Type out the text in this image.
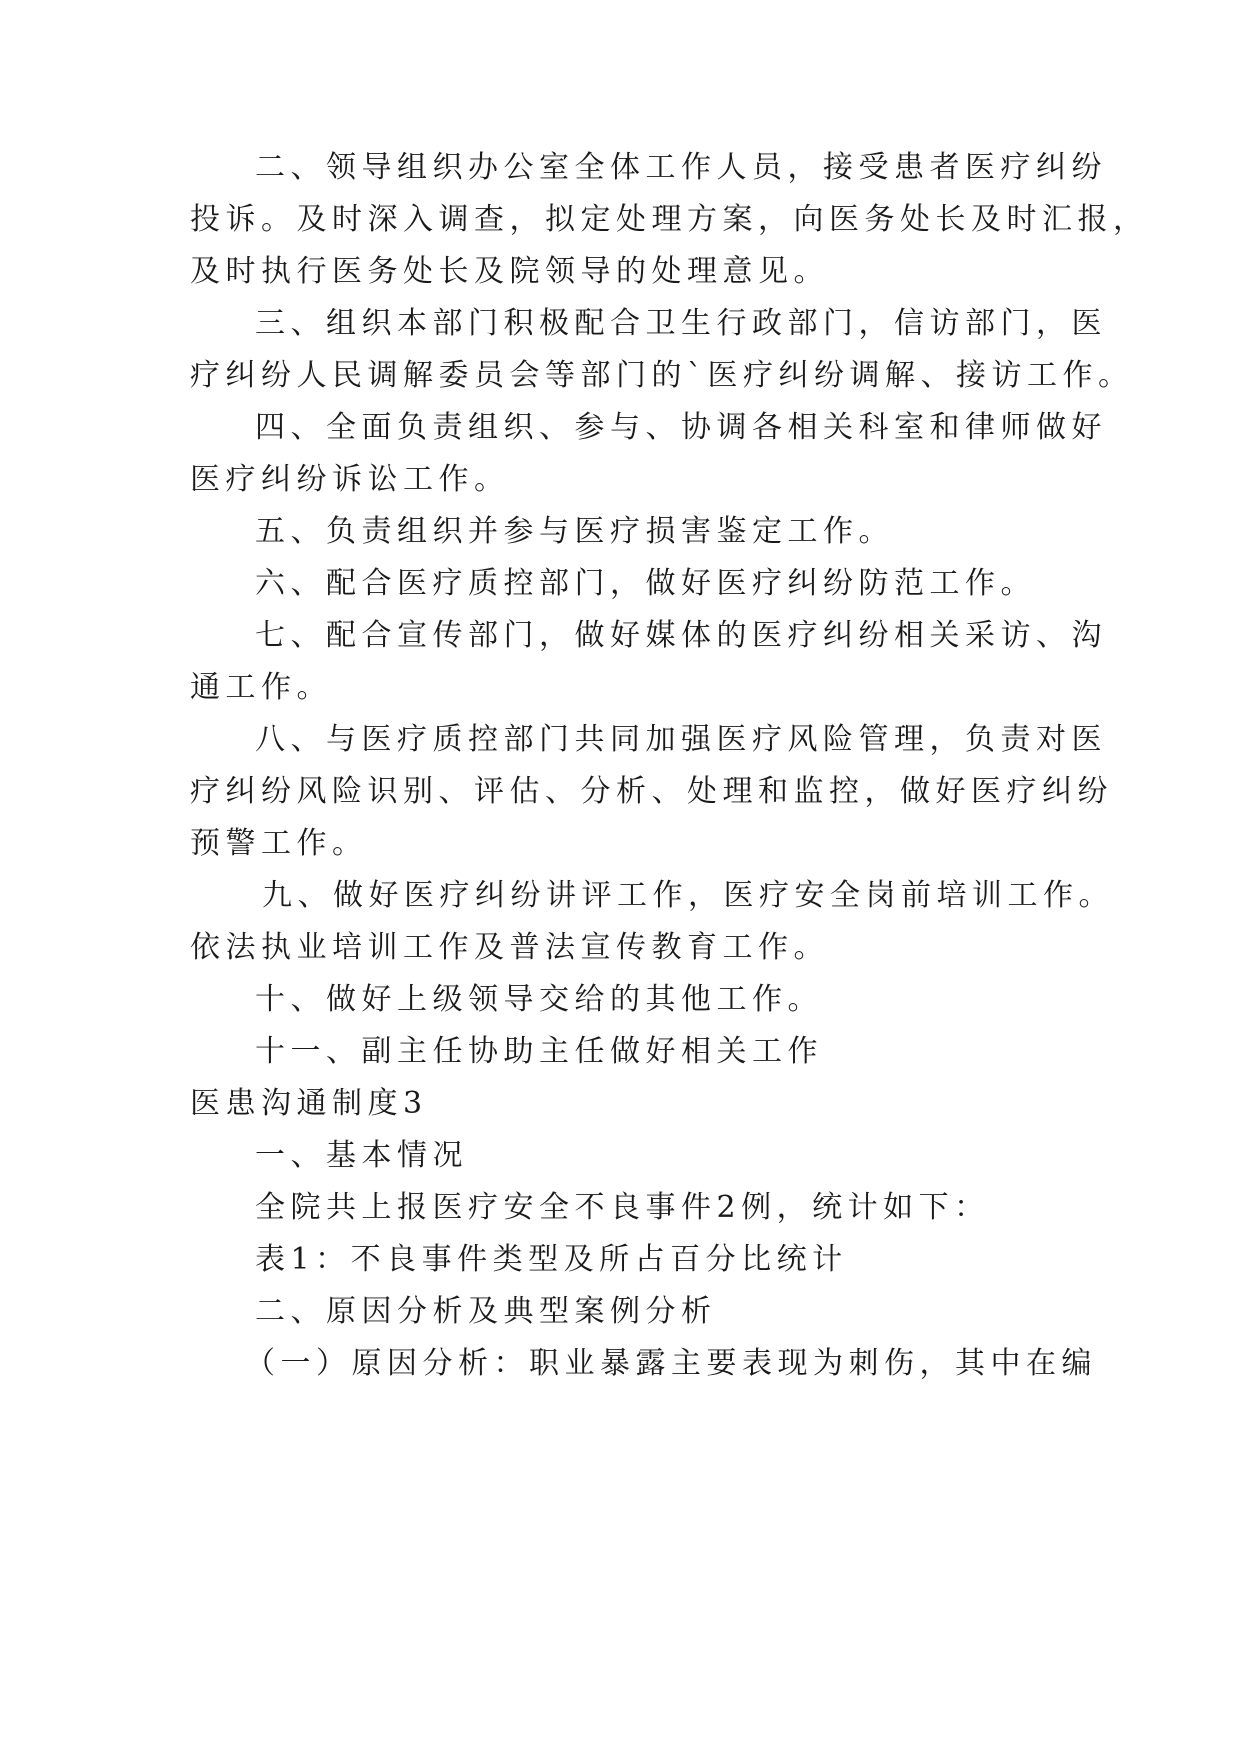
二、领导组织办公室全体工作人员，接受患者医疗纠纷
投诉。及时深入调查，拟定处理方案，向医务处长及时汇报，
及时执行医务处长及院领导的处理意见。
三、组织本部门积极配合卫生行政部门，信访部门，医
疗纠纷人民调解委员会等部门的`医疗纠纷调解、接访工作。
四、全面负责组织、参与、协调各相关科室和律师做好
医疗纠纷诉讼工作。
五、负责组织并参与医疗损害鉴定工作。
六、配合医疗质控部门，做好医疗纠纷防范工作。
七、配合宣传部门，做好媒体的医疗纠纷相关采访、沟
通工作。
八、与医疗质控部门共同加强医疗风险管理，负责对医
疗纠纷风险识别、评估、分析、处理和监控，做好医疗纠纷
预警工作。
九、做好医疗纠纷讲评工作，医疗安全岗前培训工作。
依法执业培训工作及普法宣传教育工作。
十、做好上级领导交给的其他工作。
十一、副主任协助主任做好相关工作
医患沟通制度3
一、基本情况
全院共上报医疗安全不良事件2例，统计如下：
表1：不良事件类型及所占百分比统计
二、原因分析及典型案例分析
（一）原因分析：职业暴露主要表现为刺伤，其中在编
